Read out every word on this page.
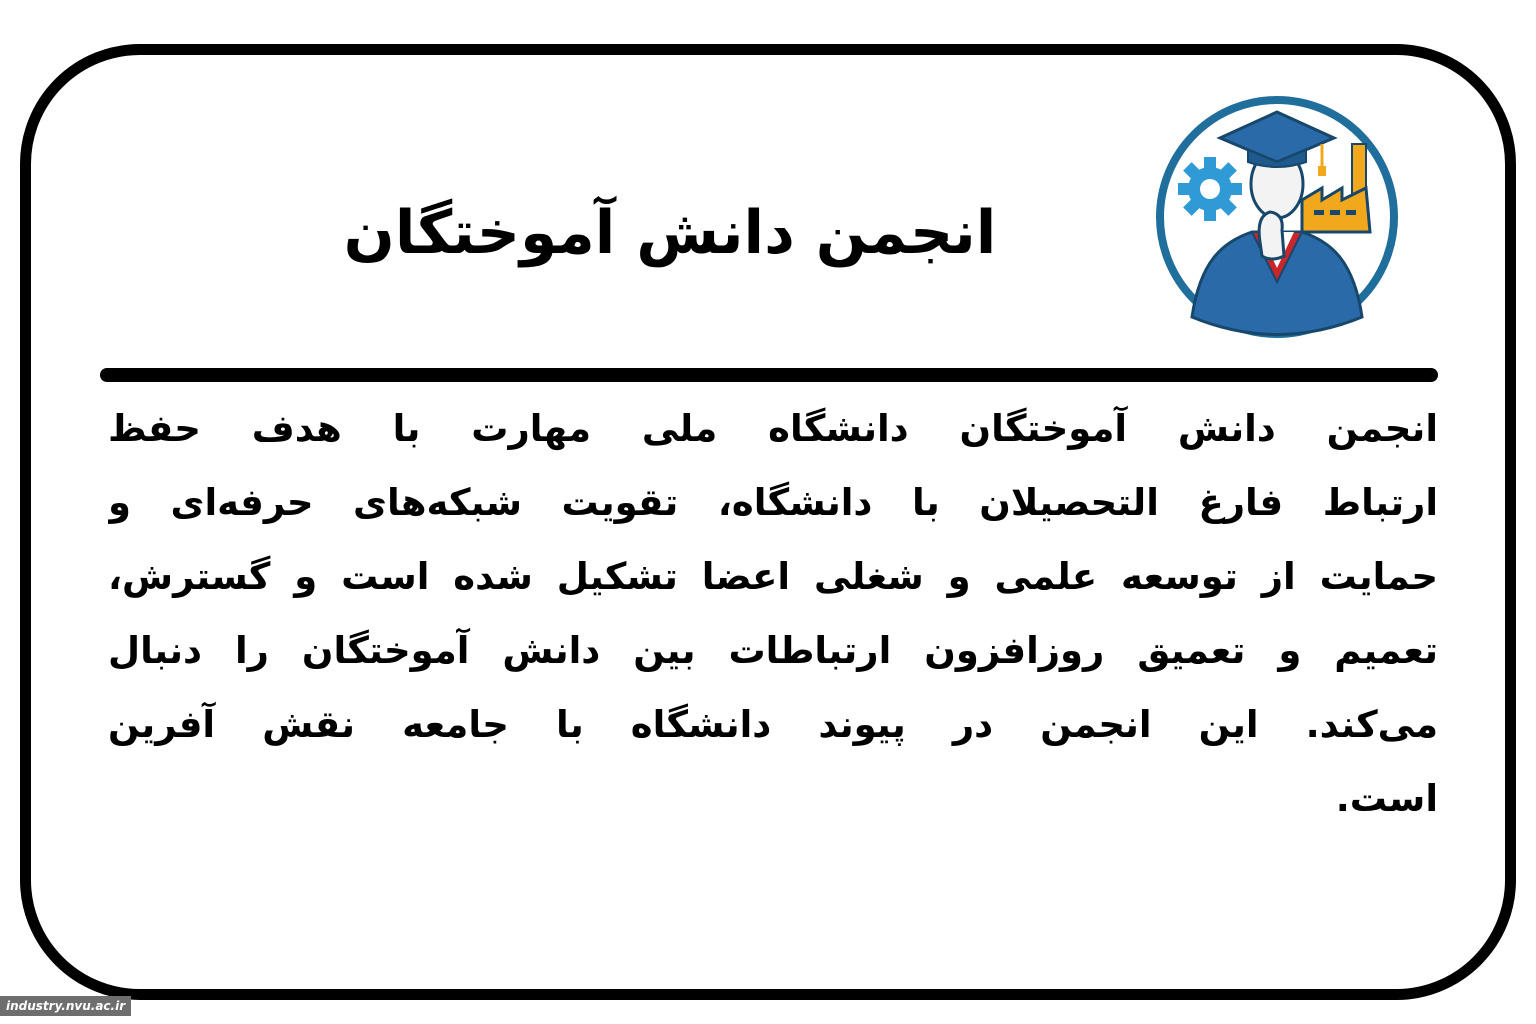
انجمن دانش آموختگان
انجمن دانش آموختگان دانشگاه ملی مهارت با هدف حفظ
ارتباط فارغ التحصیلان با دانشگاه، تقویت شبکه‌های حرفه‌ای و
حمایت از توسعه علمی و شغلی اعضا تشکیل شده است و گسترش،
تعمیم و تعمیق روزافزون ارتباطات بین دانش آموختگان را دنبال
می‌کند. این انجمن در پیوند دانشگاه با جامعه نقش آفرین
است.
industry.nvu.ac.ir
